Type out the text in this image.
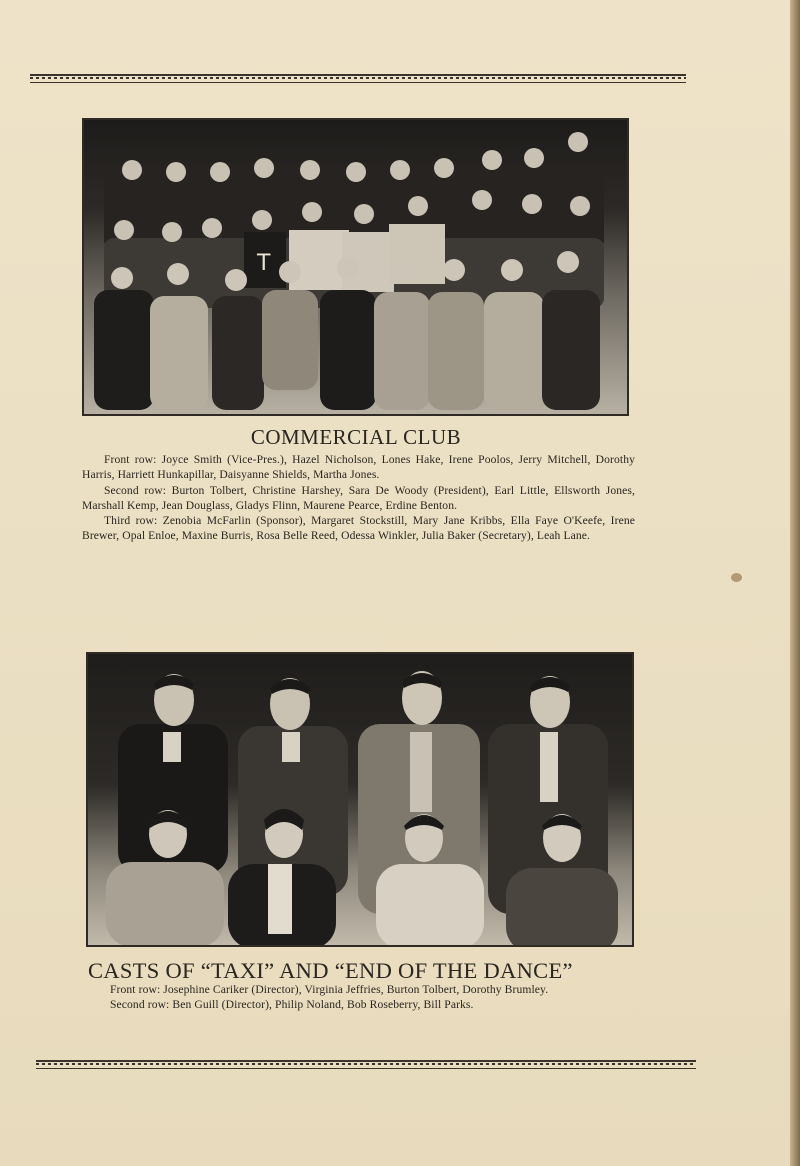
T
COMMERCIAL CLUB

Front row: Joyce Smith (Vice-Pres.), Hazel Nicholson, Lones Hake, Irene Poolos, Jerry Mitchell, Dorothy Harris, Harriett Hunkapillar, Daisyanne Shields, Martha Jones.

Second row: Burton Tolbert, Christine Harshey, Sara De Woody (President), Earl Little, Ellsworth Jones, Marshall Kemp, Jean Douglass, Gladys Flinn, Maurene Pearce, Erdine Benton.

Third row: Zenobia McFarlin (Sponsor), Margaret Stockstill, Mary Jane Kribbs, Ella Faye O'Keefe, Irene Brewer, Opal Enloe, Maxine Burris, Rosa Belle Reed, Odessa Winkler, Julia Baker (Secretary), Leah Lane.

CASTS OF “TAXI” AND “END OF THE DANCE”

Front row: Josephine Cariker (Director), Virginia Jeffries, Burton Tolbert, Dorothy Brumley.

Second row: Ben Guill (Director), Philip Noland, Bob Roseberry, Bill Parks.
